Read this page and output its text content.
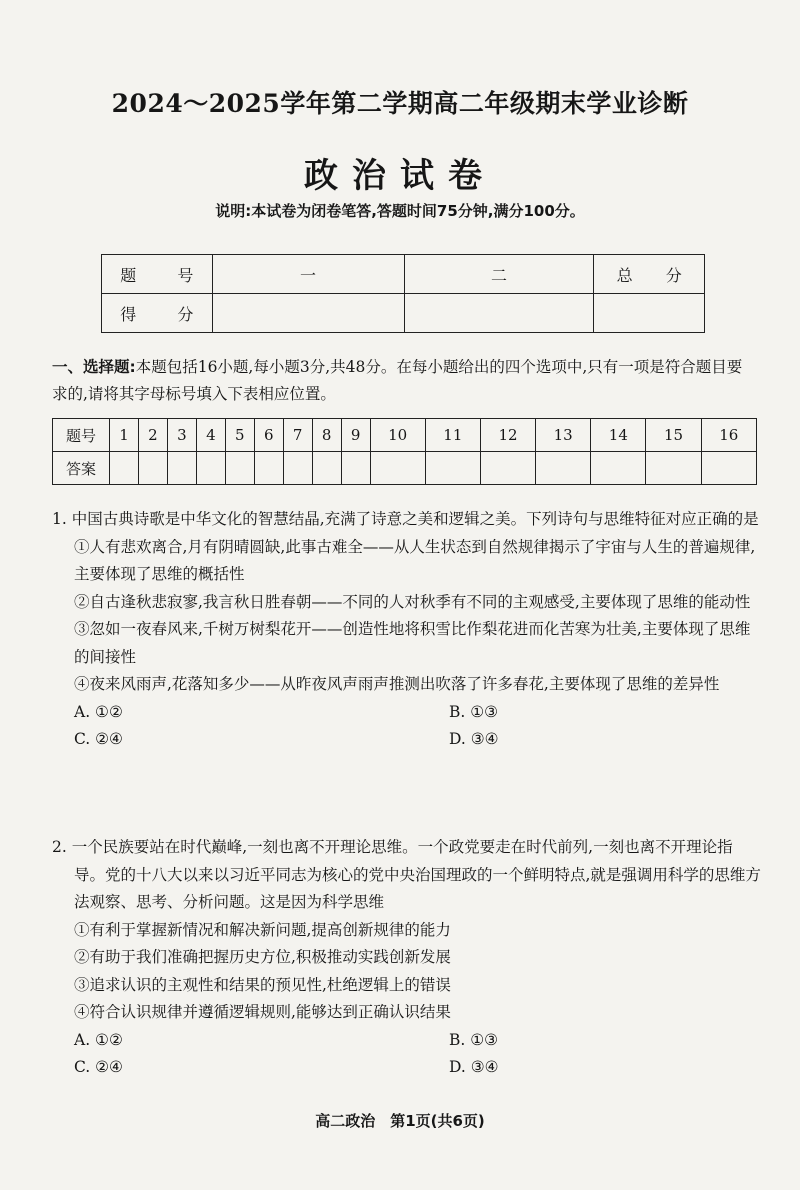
2024～2025学年第二学期高二年级期末学业诊断
政治试卷
说明:本试卷为闭卷笔答,答题时间75分钟,满分100分。
题 号	一	二	总 分
得 分			
一、选择题:本题包括16小题,每小题3分,共48分。在每小题给出的四个选项中,只有一项是符合题目要求的,请将其字母标号填入下表相应位置。
题号	1	2	3	4	5	6	7	8	9	10	11	12	13	14	15	16
答案																
1. 中国古典诗歌是中华文化的智慧结晶,充满了诗意之美和逻辑之美。下列诗句与思维特征对应正确的是
①人有悲欢离合,月有阴晴圆缺,此事古难全——从人生状态到自然规律揭示了宇宙与人生的普遍规律,主要体现了思维的概括性
②自古逢秋悲寂寥,我言秋日胜春朝——不同的人对秋季有不同的主观感受,主要体现了思维的能动性
③忽如一夜春风来,千树万树梨花开——创造性地将积雪比作梨花进而化苦寒为壮美,主要体现了思维的间接性
④夜来风雨声,花落知多少——从昨夜风声雨声推测出吹落了许多春花,主要体现了思维的差异性
A. ①②	B. ①③
C. ②④	D. ③④
2. 一个民族要站在时代巅峰,一刻也离不开理论思维。一个政党要走在时代前列,一刻也离不开理论指导。党的十八大以来以习近平同志为核心的党中央治国理政的一个鲜明特点,就是强调用科学的思维方法观察、思考、分析问题。这是因为科学思维
①有利于掌握新情况和解决新问题,提高创新规律的能力
②有助于我们准确把握历史方位,积极推动实践创新发展
③追求认识的主观性和结果的预见性,杜绝逻辑上的错误
④符合认识规律并遵循逻辑规则,能够达到正确认识结果
A. ①②	B. ①③
C. ②④	D. ③④
高二政治　第1页(共6页)
